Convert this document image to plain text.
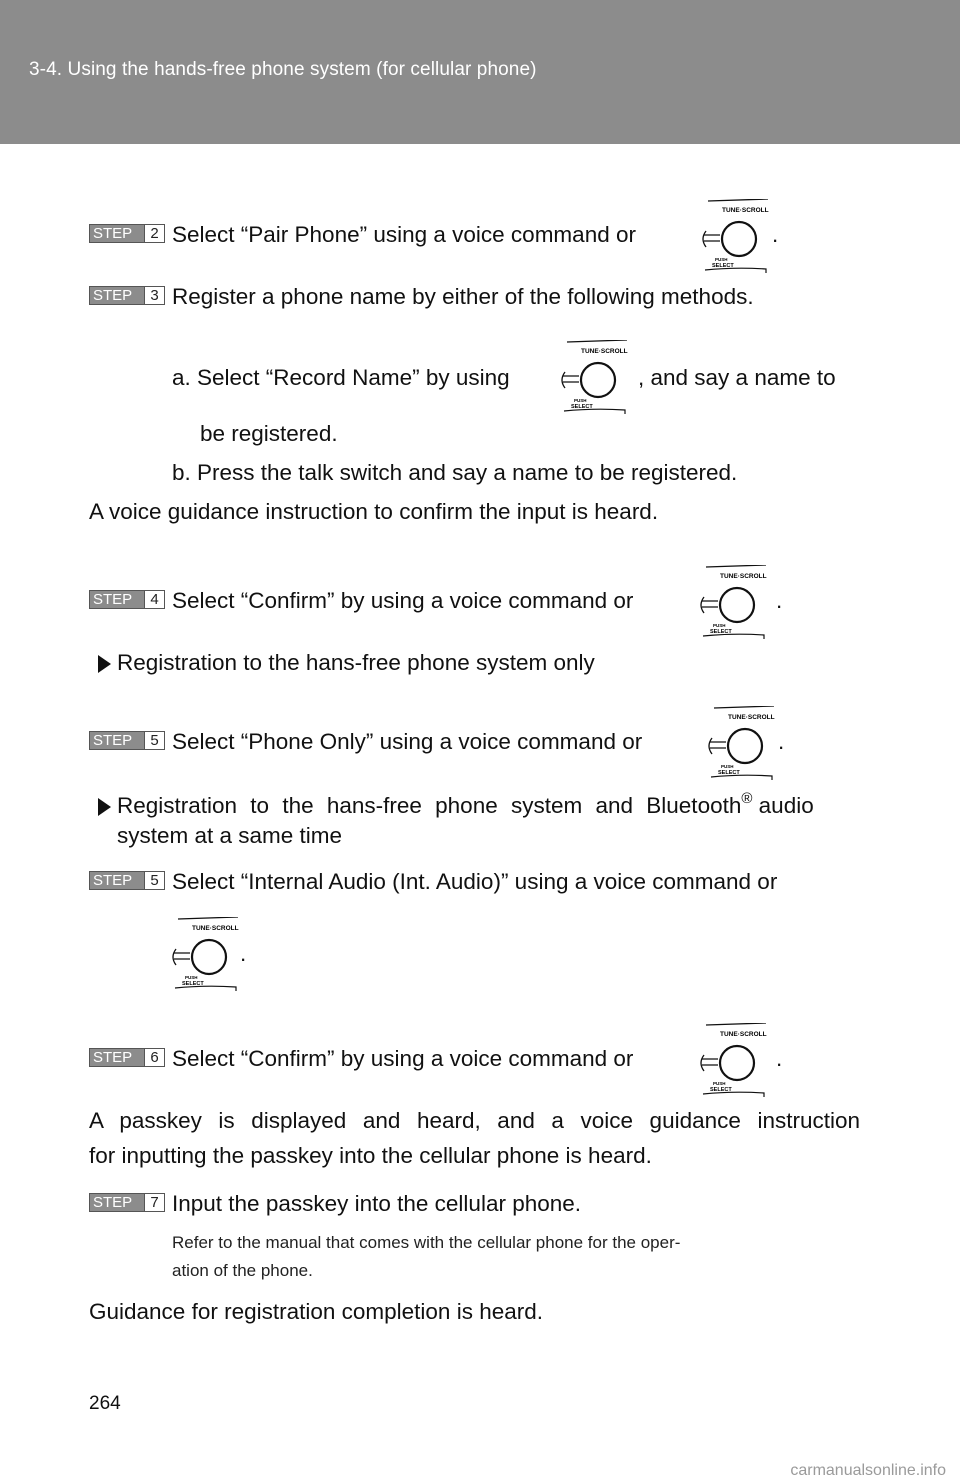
3-4. Using the hands-free phone system (for cellular phone)
STEP	2 Select “Pair Phone” using a voice command or
TUNE·SCROLL
PUSH
SELECT
.
STEP	3 Register a phone name by either of the following methods.
a. Select “Record Name” by using
TUNE·SCROLL
PUSH
SELECT
, and say a name to
be registered.
b. Press the talk switch and say a name to be registered.
A voice guidance instruction to confirm the input is heard.
STEP	4 Select “Confirm” by using a voice command or
TUNE·SCROLL
PUSH
SELECT
.
Registration to the hans-free phone system only
STEP	5 Select “Phone Only” using a voice command or
TUNE·SCROLL
PUSH
SELECT
.
Registration to the hans-free phone system and Bluetooth® audio
system at a same time
STEP	5 Select “Internal Audio (Int. Audio)” using a voice command or
TUNE·SCROLL
PUSH
SELECT
.
STEP	6 Select “Confirm” by using a voice command or
TUNE·SCROLL
PUSH
SELECT
.
A passkey is displayed and heard, and a voice guidance instruction
for inputting the passkey into the cellular phone is heard.
STEP	7 Input the passkey into the cellular phone.
Refer to the manual that comes with the cellular phone for the oper-
ation of the phone.
Guidance for registration completion is heard.
264
carmanualsonline.info
